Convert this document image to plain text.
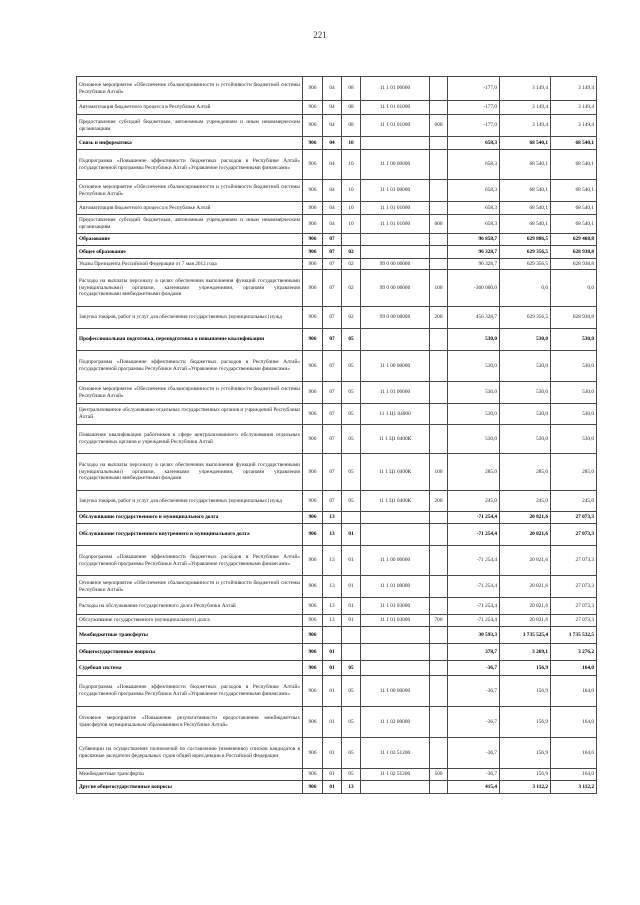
221
Основное мероприятие «Обеспечение сбалансированности и устойчивости бюджетной системы Республики Алтай»	906	04	08	11 1 01 00000		-177,0	3 149,4	3 149,4
Автоматизация бюджетного процесса в Республике Алтай	906	04	08	11 1 01 01000		-177,0	3 149,4	3 149,4
Предоставление субсидий бюджетным, автономным учреждениям и иным некоммерческим организациям	906	04	08	11 1 01 01000	600	-177,0	3 149,4	3 149,4
Связь и информатика	906	04	10			658,3	68 540,1	68 540,1
Подпрограмма «Повышение эффективности бюджетных расходов в Республике Алтай» государственной программы Республики Алтай «Управление государственными финансами»	906	04	10	11 1 00 00000		658,3	68 540,1	68 540,1
Основное мероприятие «Обеспечение сбалансированности и устойчивости бюджетной системы Республики Алтай»	906	04	10	11 1 01 00000		658,3	68 540,1	68 540,1
Автоматизация бюджетного процесса в Республике Алтай	906	04	10	11 1 01 01000		658,3	68 540,1	68 540,1
Предоставление субсидий бюджетным, автономным учреждениям и иным некоммерческим организациям	906	04	10	11 1 01 01000	600	658,3	68 540,1	68 540,1
Образование	906	07				96 858,7	629 886,5	629 468,8
Общее образование	906	07	02			96 328,7	629 356,5	628 938,8
Указы Президента Российской Федерации от 7 мая 2012 года	906	07	02	99 0 00 00000		96 328,7	629 356,5	628 938,8
Расходы на выплаты персоналу в целях обеспечения выполнения функций государственными (муниципальными) органами, казенными учреждениями, органами управления государственными внебюджетными фондами	906	07	02	99 0 00 00000	100	-360 000,0	0,0	0,0
Закупка товаров, работ и услуг для обеспечения государственных (муниципальных) нужд	906	07	02	99 0 00 00000	200	456 328,7	629 356,5	628 938,8
Профессиональная подготовка, переподготовка и повышение квалификации	906	07	05			530,0	530,0	530,0
Подпрограмма «Повышение эффективности бюджетных расходов в Республике Алтай» государственной программы Республики Алтай «Управление государственными финансами»	906	07	05	11 1 00 00000		530,0	530,0	530,0
Основное мероприятие «Обеспечение сбалансированности и устойчивости бюджетной системы Республики Алтай»	906	07	05	11 1 01 00000		530,0	530,0	530,0
Централизованное обслуживание отдельных государственных органов и учреждений Республики Алтай	906	07	05	11 1 Ц1 04000		530,0	530,0	530,0
Повышение квалификации работников в сфере централизованного обслуживания отдельных государственных органов и учреждений Республики Алтай	906	07	05	11 1 Ц1 0400К		530,0	530,0	530,0
Расходы на выплаты персоналу в целях обеспечения выполнения функций государственными (муниципальными) органами, казенными учреждениями, органами управления государственными внебюджетными фондами	906	07	05	11 1 Ц1 0400К	100	285,0	285,0	285,0
Закупка товаров, работ и услуг для обеспечения государственных (муниципальных) нужд	906	07	05	11 1 Ц1 0400К	200	245,0	245,0	245,0
Обслуживание государственного и муниципального долга	906	13				-71 254,4	20 821,6	27 073,3
Обслуживание государственного внутреннего и муниципального долга	906	13	01			-71 254,4	20 821,6	27 073,3
Подпрограмма «Повышение эффективности бюджетных расходов в Республике Алтай» государственной программы Республики Алтай «Управление государственными финансами»	906	13	01	11 1 00 00000		-71 254,4	20 821,6	27 073,3
Основное мероприятие «Обеспечение сбалансированности и устойчивости бюджетной системы Республики Алтай»	906	13	01	11 1 01 00000		-71 254,4	20 821,6	27 073,3
Расходы на обслуживание государственного долга Республики Алтай	906	13	01	11 1 01 03000		-71 254,4	20 821,6	27 073,3
Обслуживание государственного (муниципального) долга	906	13	01	11 1 01 03000	700	-71 254,4	20 821,6	27 073,3
Межбюджетные трансферты	906					30 593,3	1 735 525,4	1 735 532,5
Общегосударственные вопросы	906	01				378,7	3 269,1	3 276,2
Судебная система	906	01	05			-36,7	156,9	164,0
Подпрограмма «Повышение эффективности бюджетных расходов в Республике Алтай» государственной программы Республики Алтай «Управление государственными финансами»	906	01	05	11 1 00 00000		-36,7	156,9	164,0
Основное мероприятие «Повышение результативности предоставления межбюджетных трансфертов муниципальным образованиям в Республике Алтай»	906	01	05	11 1 02 00000		-36,7	156,9	164,0
Субвенции на осуществление полномочий по составлению (изменению) списков кандидатов в присяжные заседатели федеральных судов общей юрисдикции в Российской Федерации	906	01	05	11 1 02 51200		-36,7	156,9	164,0
Межбюджетные трансферты	906	01	05	11 1 02 51200	500	-36,7	156,9	164,0
Другие общегосударственные вопросы	906	01	13			415,4	3 112,2	3 112,2
